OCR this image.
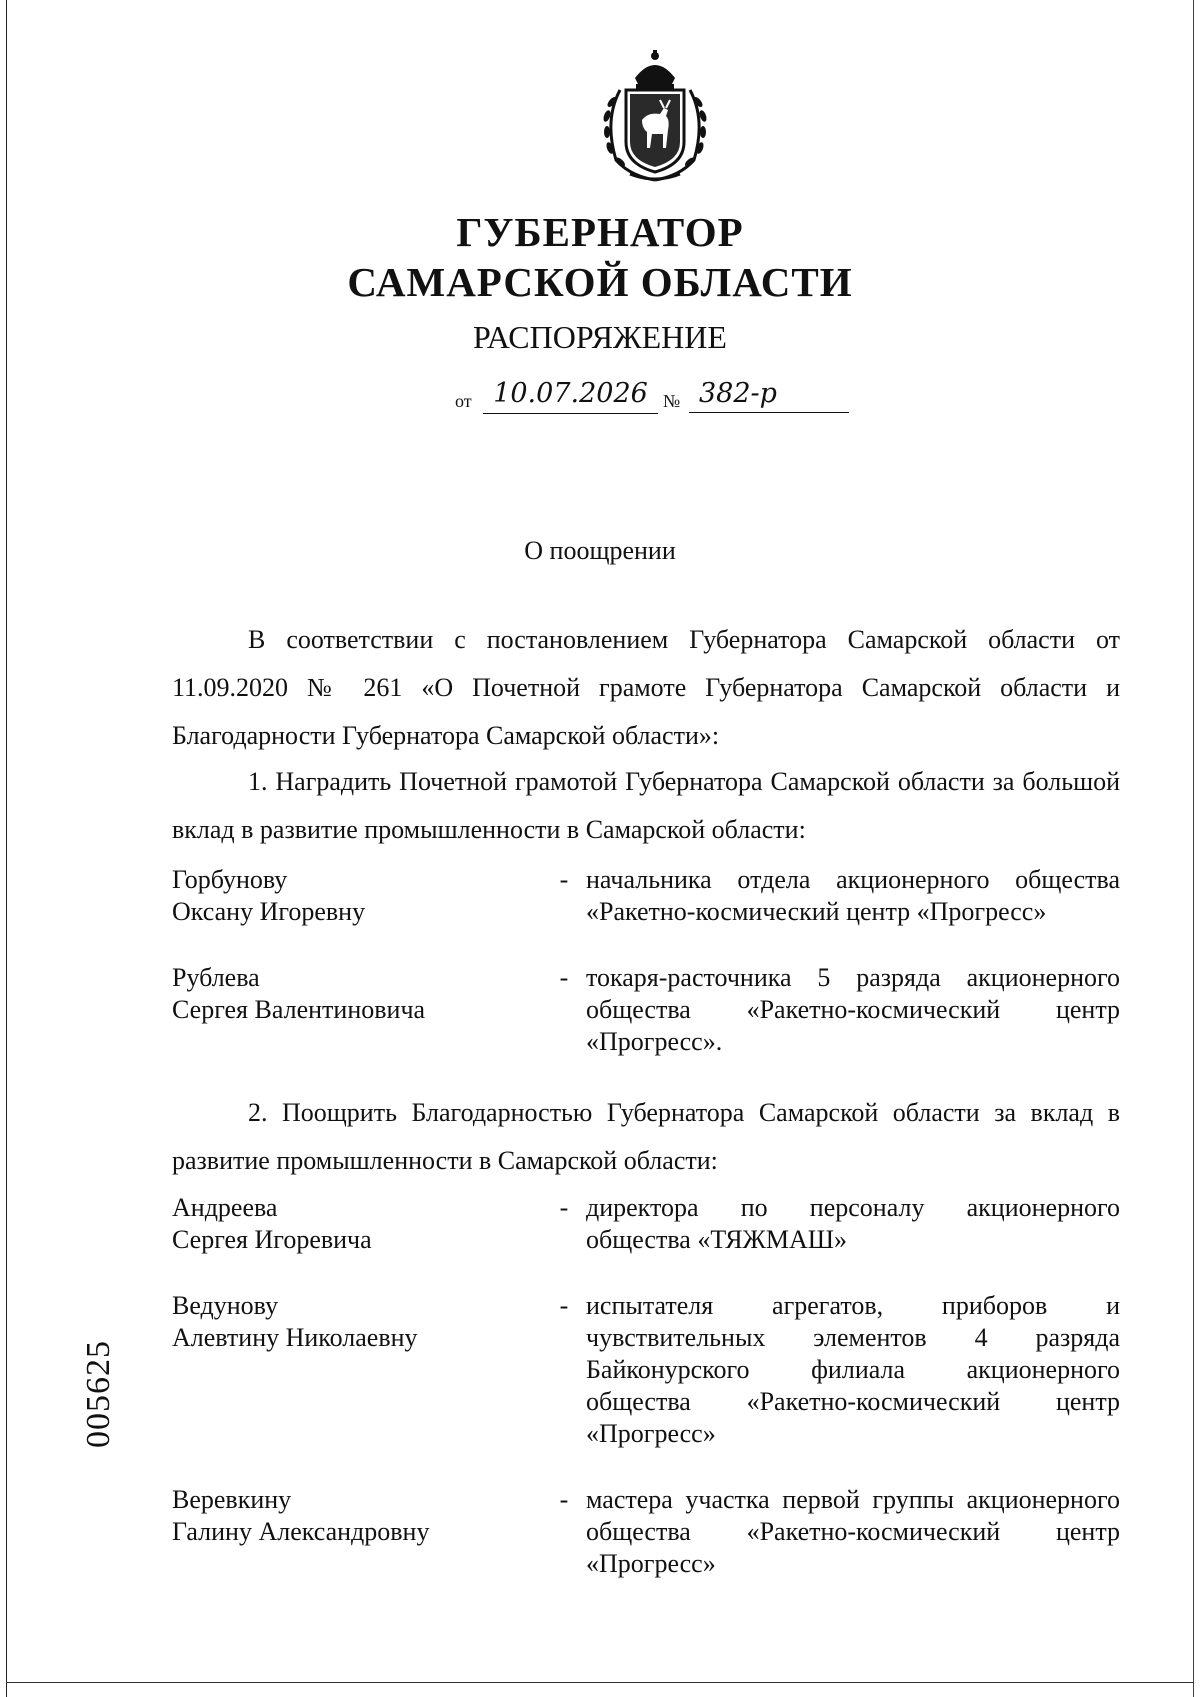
ГУБЕРНАТОР
САМАРСКОЙ ОБЛАСТИ
РАСПОРЯЖЕНИЕ
от 10.07.2026 № 382-р
О поощрении
В соответствии с постановлением Губернатора Самарской области от 11.09.2020 № 261 «О Почетной грамоте Губернатора Самарской области и Благодарности Губернатора Самарской области»:
1. Наградить Почетной грамотой Губернатора Самарской области за большой вклад в развитие промышленности в Самарской области:
Горбунову
Оксану Игоревну
- начальника отдела акционерного общества «Ракетно-космический центр «Прогресс»
Рублева
Сергея Валентиновича
- токаря-расточника 5 разряда акционерного общества «Ракетно-космический центр «Прогресс».
2. Поощрить Благодарностью Губернатора Самарской области за вклад в развитие промышленности в Самарской области:
Андреева
Сергея Игоревича
- директора по персоналу акционерного общества «ТЯЖМАШ»
Ведунову
Алевтину Николаевну
- испытателя агрегатов, приборов и чувствительных элементов 4 разряда Байконурского филиала акционерного общества «Ракетно-космический центр «Прогресс»
Веревкину
Галину Александровну
- мастера участка первой группы акционерного общества «Ракетно-космический центр «Прогресс»
005625
